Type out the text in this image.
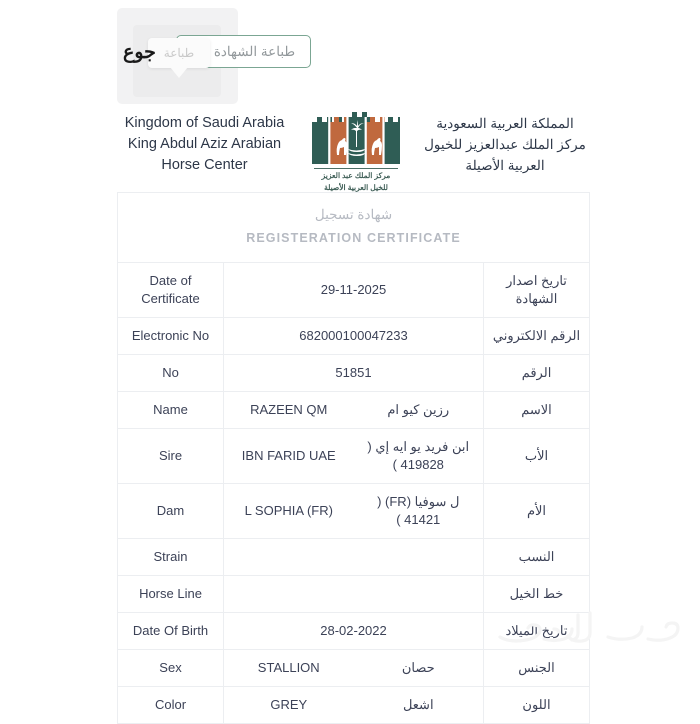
طباعة الشهادة
طباعة
جوع
Kingdom of Saudi Arabia
King Abdul Aziz Arabian Horse Center
مركز الملك عبد العزيز
للخيل العربية الأصيلة
المملكة العربية السعودية
مركز الملك عبدالعزيز للخيول العربية الأصيلة
شهادة تسجيل
REGISTERATION CERTIFICATE
Date of Certificate	29-11-2025		تاريخ اصدار الشهادة
Electronic No	682000100047233		الرقم الالكتروني
No	51851		الرقم
Name	RAZEEN QM	رزين كيو ام	الاسم
Sire	IBN FARID UAE	ابن فريد يو ايه إي ( 419828 )	الأب
Dam	L SOPHIA (FR)	ل سوفيا (FR) ( 41421 )	الأم
Strain			النسب
Horse Line			خط الخيل
Date Of Birth	28-02-2022		تاريخ الميلاد
Sex	STALLION	حصان	الجنس
Color	GREY	اشعل	اللون
